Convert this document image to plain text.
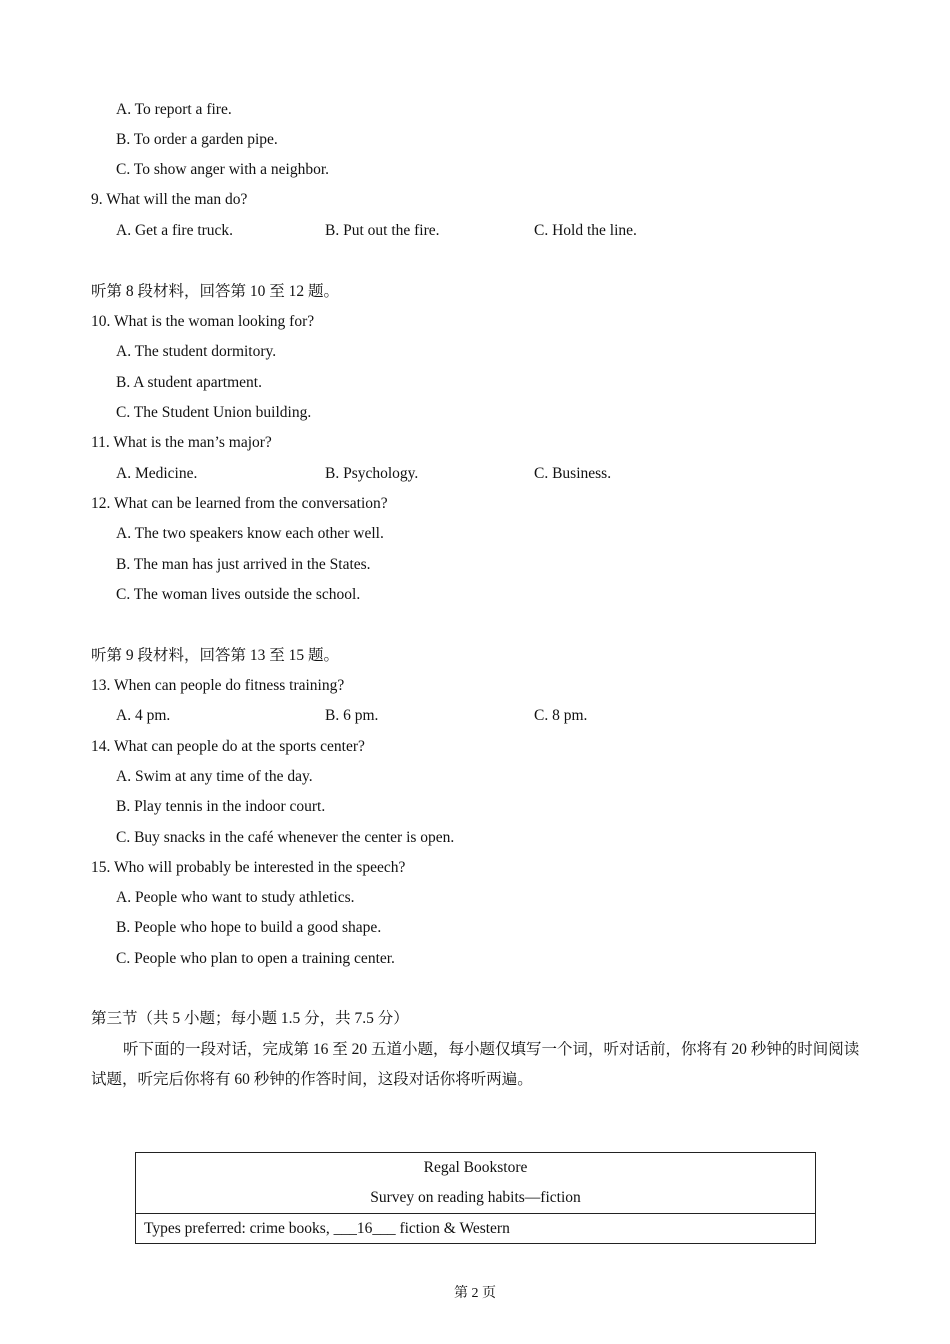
A. To report a fire.
B. To order a garden pipe.
C. To show anger with a neighbor.
9. What will the man do?
A. Get a fire truck.	B. Put out the fire.	C. Hold the line.
听第 8 段材料，回答第 10 至 12 题。
10. What is the woman looking for?
A. The student dormitory.
B. A student apartment.
C. The Student Union building.
11. What is the man’s major?
A. Medicine.	B. Psychology.	C. Business.
12. What can be learned from the conversation?
A. The two speakers know each other well.
B. The man has just arrived in the States.
C. The woman lives outside the school.
听第 9 段材料，回答第 13 至 15 题。
13. When can people do fitness training?
A. 4 pm.	B. 6 pm.	C. 8 pm.
14. What can people do at the sports center?
A. Swim at any time of the day.
B. Play tennis in the indoor court.
C. Buy snacks in the café whenever the center is open.
15. Who will probably be interested in the speech?
A. People who want to study athletics.
B. People who hope to build a good shape.
C. People who plan to open a training center.
第三节（共 5 小题；每小题 1.5 分，共 7.5 分）
听下面的一段对话，完成第 16 至 20 五道小题，每小题仅填写一个词，听对话前，你将有 20 秒钟的时间阅读试题，听完后你将有 60 秒钟的作答时间，这段对话你将听两遍。
Regal Bookstore
Survey on reading habits—fiction
Types preferred: crime books, ___16___ fiction & Western
第 2 页
